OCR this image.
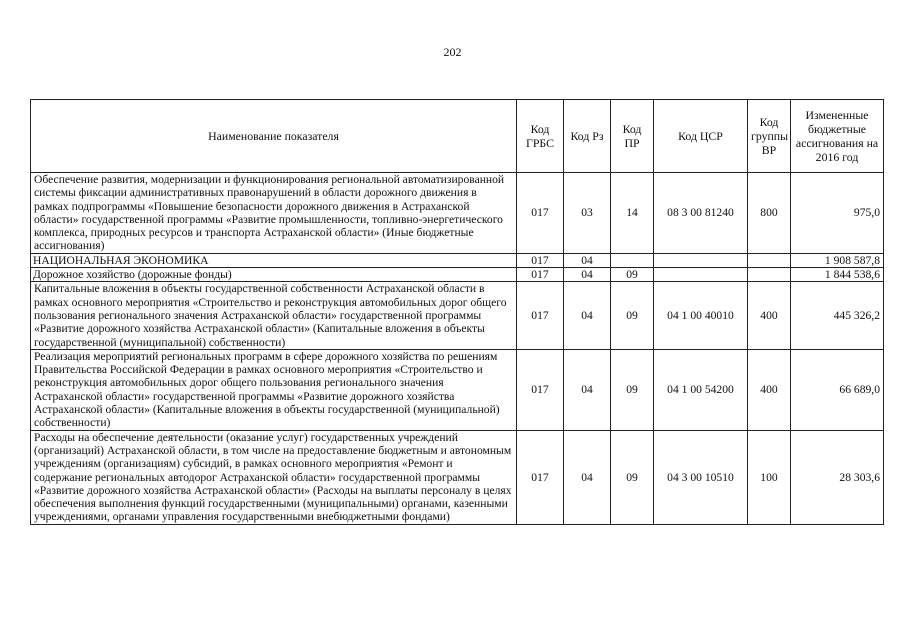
202
Наименование показателя	Код ГРБС	Код Рз	Код ПР	Код ЦСР	Код группы ВР	Измененные бюджетные ассигнования на 2016 год
Обеспечение развития, модернизации и функционирования региональной автоматизированной системы фиксации административных правонарушений в области дорожного движения в рамках подпрограммы «Повышение безопасности дорожного движения в Астраханской области» государственной программы «Развитие промышленности, топливно-энергетического комплекса, природных ресурсов и транспорта Астраханской области» (Иные бюджетные ассигнования)	017	03	14	08 3 00 81240	800	975,0
НАЦИОНАЛЬНАЯ ЭКОНОМИКА	017	04				1 908 587,8
Дорожное хозяйство (дорожные фонды)	017	04	09			1 844 538,6
Капитальные вложения в объекты государственной собственности Астраханской области в рамках основного мероприятия «Строительство и реконструкция автомобильных дорог общего пользования регионального значения Астраханской области» государственной программы «Развитие дорожного хозяйства Астраханской области» (Капитальные вложения в объекты государственной (муниципальной) собственности)	017	04	09	04 1 00 40010	400	445 326,2
Реализация мероприятий региональных программ в сфере дорожного хозяйства по решениям Правительства Российской Федерации в рамках основного мероприятия «Строительство и реконструкция автомобильных дорог общего пользования регионального значения Астраханской области» государственной программы «Развитие дорожного хозяйства Астраханской области» (Капитальные вложения в объекты государственной (муниципальной) собственности)	017	04	09	04 1 00 54200	400	66 689,0
Расходы на обеспечение деятельности (оказание услуг) государственных учреждений (организаций) Астраханской области, в том числе на предоставление бюджетным и автономным учреждениям (организациям) субсидий, в рамках основного мероприятия «Ремонт и содержание региональных автодорог Астраханской области» государственной программы «Развитие дорожного хозяйства Астраханской области» (Расходы на выплаты персоналу в целях обеспечения выполнения функций государственными (муниципальными) органами, казенными учреждениями, органами управления государственными внебюджетными фондами)	017	04	09	04 3 00 10510	100	28 303,6
